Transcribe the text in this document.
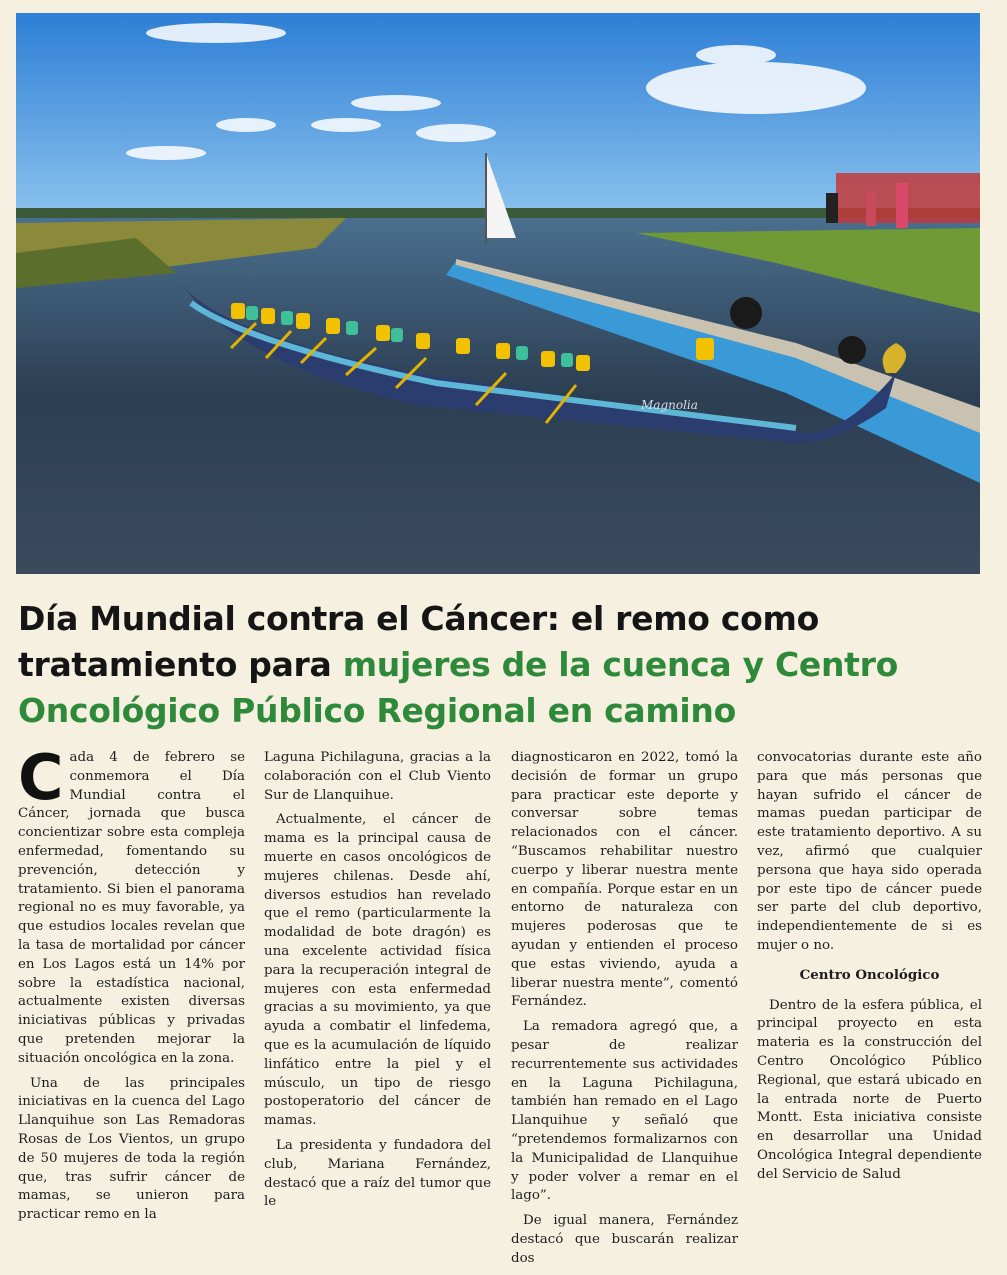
Magnolia
Día Mundial contra el Cáncer: el remo como tratamiento para mujeres de la cuenca y Centro Oncológico Público Regional en camino

Cada 4 de febrero se conmemora el Día Mundial contra el Cáncer, jornada que busca concientizar sobre esta compleja enfermedad, fomentando su prevención, detección y tratamiento. Si bien el panorama regional no es muy favorable, ya que estudios locales revelan que la tasa de mortalidad por cáncer en Los Lagos está un 14% por sobre la estadística nacional, actualmente existen diversas iniciativas públicas y privadas que pretenden mejorar la situación oncológica en la zona.

Una de las principales iniciativas en la cuenca del Lago Llanquihue son Las Remadoras Rosas de Los Vientos, un grupo de 50 mujeres de toda la región que, tras sufrir cáncer de mamas, se unieron para practicar remo en la

Laguna Pichilaguna, gracias a la colaboración con el Club Viento Sur de Llanquihue.

Actualmente, el cáncer de mama es la principal causa de muerte en casos oncológicos de mujeres chilenas. Desde ahí, diversos estudios han revelado que el remo (particularmente la modalidad de bote dragón) es una excelente actividad física para la recuperación integral de mujeres con esta enfermedad gracias a su movimiento, ya que ayuda a combatir el linfedema, que es la acumulación de líquido linfático entre la piel y el músculo, un tipo de riesgo postoperatorio del cáncer de mamas.

La presidenta y fundadora del club, Mariana Fernández, destacó que a raíz del tumor que le

diagnosticaron en 2022, tomó la decisión de formar un grupo para practicar este deporte y conversar sobre temas relacionados con el cáncer. “Buscamos rehabilitar nuestro cuerpo y liberar nuestra mente en compañía. Porque estar en un entorno de naturaleza con mujeres poderosas que te ayudan y entienden el proceso que estas viviendo, ayuda a liberar nuestra mente”, comentó Fernández.

La remadora agregó que, a pesar de realizar recurrentemente sus actividades en la Laguna Pichilaguna, también han remado en el Lago Llanquihue y señaló que “pretendemos formalizarnos con la Municipalidad de Llanquihue y poder volver a remar en el lago”.

De igual manera, Fernández destacó que buscarán realizar dos

convocatorias durante este año para que más personas que hayan sufrido el cáncer de mamas puedan participar de este tratamiento deportivo. A su vez, afirmó que cualquier persona que haya sido operada por este tipo de cáncer puede ser parte del club deportivo, independientemente de si es mujer o no.

Centro Oncológico

Dentro de la esfera pública, el principal proyecto en esta materia es la construcción del Centro Oncológico Público Regional, que estará ubicado en la entrada norte de Puerto Montt. Esta iniciativa consiste en desarrollar una Unidad Oncológica Integral dependiente del Servicio de Salud
